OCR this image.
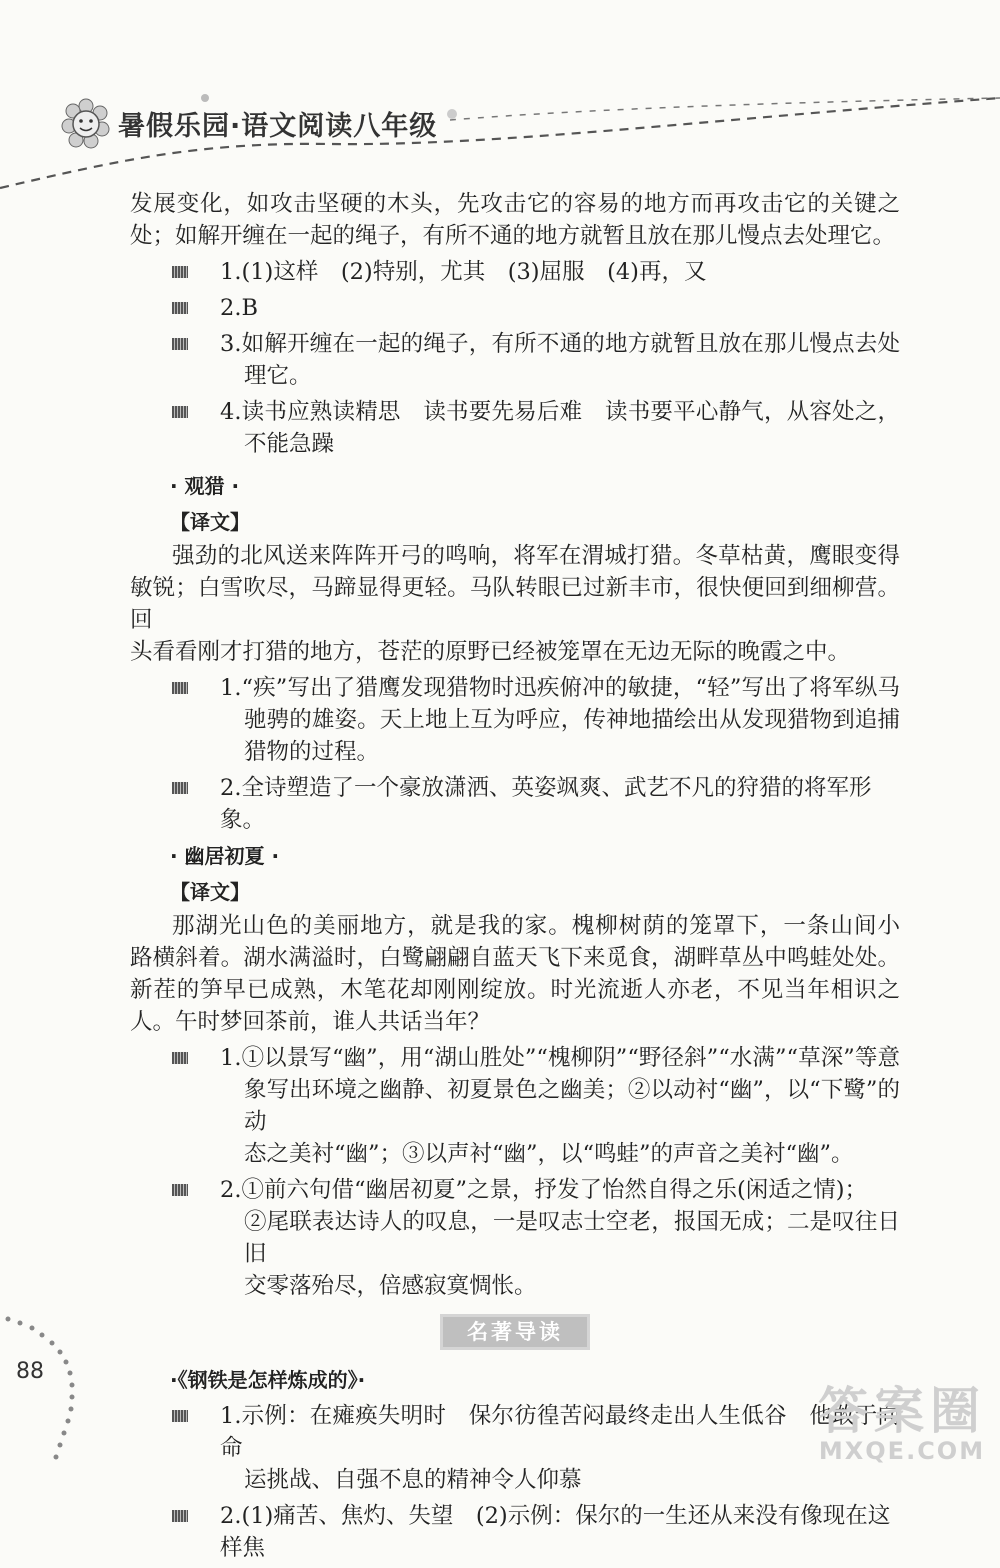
暑假乐园·语文阅读八年级

发展变化，如攻击坚硬的木头，先攻击它的容易的地方而再攻击它的关键之

处；如解开缠在一起的绳子，有所不通的地方就暂且放在那儿慢点去处理它。

1.(1)这样　(2)特别，尤其　(3)屈服　(4)再，又
2.B
3.如解开缠在一起的绳子，有所不通的地方就暂且放在那儿慢点去处
理它。
4.读书应熟读精思　读书要先易后难　读书要平心静气，从容处之，
不能急躁
· 观猎 ·
【译文】

强劲的北风送来阵阵开弓的鸣响，将军在渭城打猎。冬草枯黄，鹰眼变得

敏锐；白雪吹尽，马蹄显得更轻。马队转眼已过新丰市，很快便回到细柳营。回

头看看刚才打猎的地方，苍茫的原野已经被笼罩在无边无际的晚霞之中。

1.“疾”写出了猎鹰发现猎物时迅疾俯冲的敏捷，“轻”写出了将军纵马
驰骋的雄姿。天上地上互为呼应，传神地描绘出从发现猎物到追捕
猎物的过程。
2.全诗塑造了一个豪放潇洒、英姿飒爽、武艺不凡的狩猎的将军形象。
· 幽居初夏 ·
【译文】

那湖光山色的美丽地方，就是我的家。槐柳树荫的笼罩下，一条山间小

路横斜着。湖水满溢时，白鹭翩翩自蓝天飞下来觅食，湖畔草丛中鸣蛙处处。

新茬的笋早已成熟，木笔花却刚刚绽放。时光流逝人亦老，不见当年相识之

人。午时梦回茶前，谁人共话当年？

1.①以景写“幽”，用“湖山胜处”“槐柳阴”“野径斜”“水满”“草深”等意
象写出环境之幽静、初夏景色之幽美；②以动衬“幽”，以“下鹭”的动
态之美衬“幽”；③以声衬“幽”，以“鸣蛙”的声音之美衬“幽”。
2.①前六句借“幽居初夏”之景，抒发了怡然自得之乐(闲适之情)；
②尾联表达诗人的叹息，一是叹志士空老，报国无成；二是叹往日旧
交零落殆尽，倍感寂寞惆怅。
名著导读
·《钢铁是怎样炼成的》·
1.示例：在瘫痪失明时　保尔彷徨苦闷最终走出人生低谷　他敢于向命
运挑战、自强不息的精神令人仰慕
2.(1)痛苦、焦灼、失望　(2)示例：保尔的一生还从来没有像现在这样焦
88
答案圈
MXQE.COM
